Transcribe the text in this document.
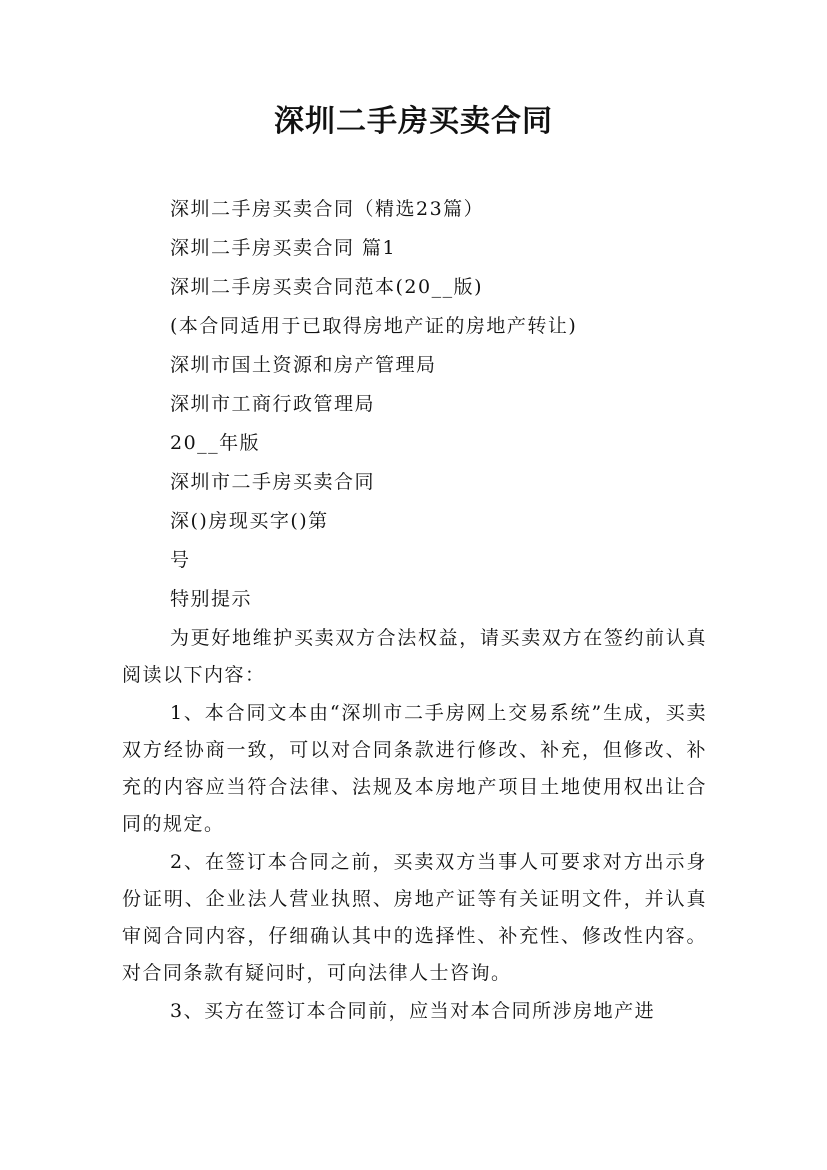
深圳二手房买卖合同
深圳二手房买卖合同（精选23篇）
深圳二手房买卖合同 篇1
深圳二手房买卖合同范本(20__版)
(本合同适用于已取得房地产证的房地产转让)
深圳市国土资源和房产管理局
深圳市工商行政管理局
20__年版
深圳市二手房买卖合同
深()房现买字()第
号
特别提示

为更好地维护买卖双方合法权益，请买卖双方在签约前认真阅读以下内容：

1、本合同文本由“深圳市二手房网上交易系统”生成，买卖双方经协商一致，可以对合同条款进行修改、补充，但修改、补充的内容应当符合法律、法规及本房地产项目土地使用权出让合同的规定。

2、在签订本合同之前，买卖双方当事人可要求对方出示身份证明、企业法人营业执照、房地产证等有关证明文件，并认真审阅合同内容，仔细确认其中的选择性、补充性、修改性内容。对合同条款有疑问时，可向法律人士咨询。

3、买方在签订本合同前，应当对本合同所涉房地产进
